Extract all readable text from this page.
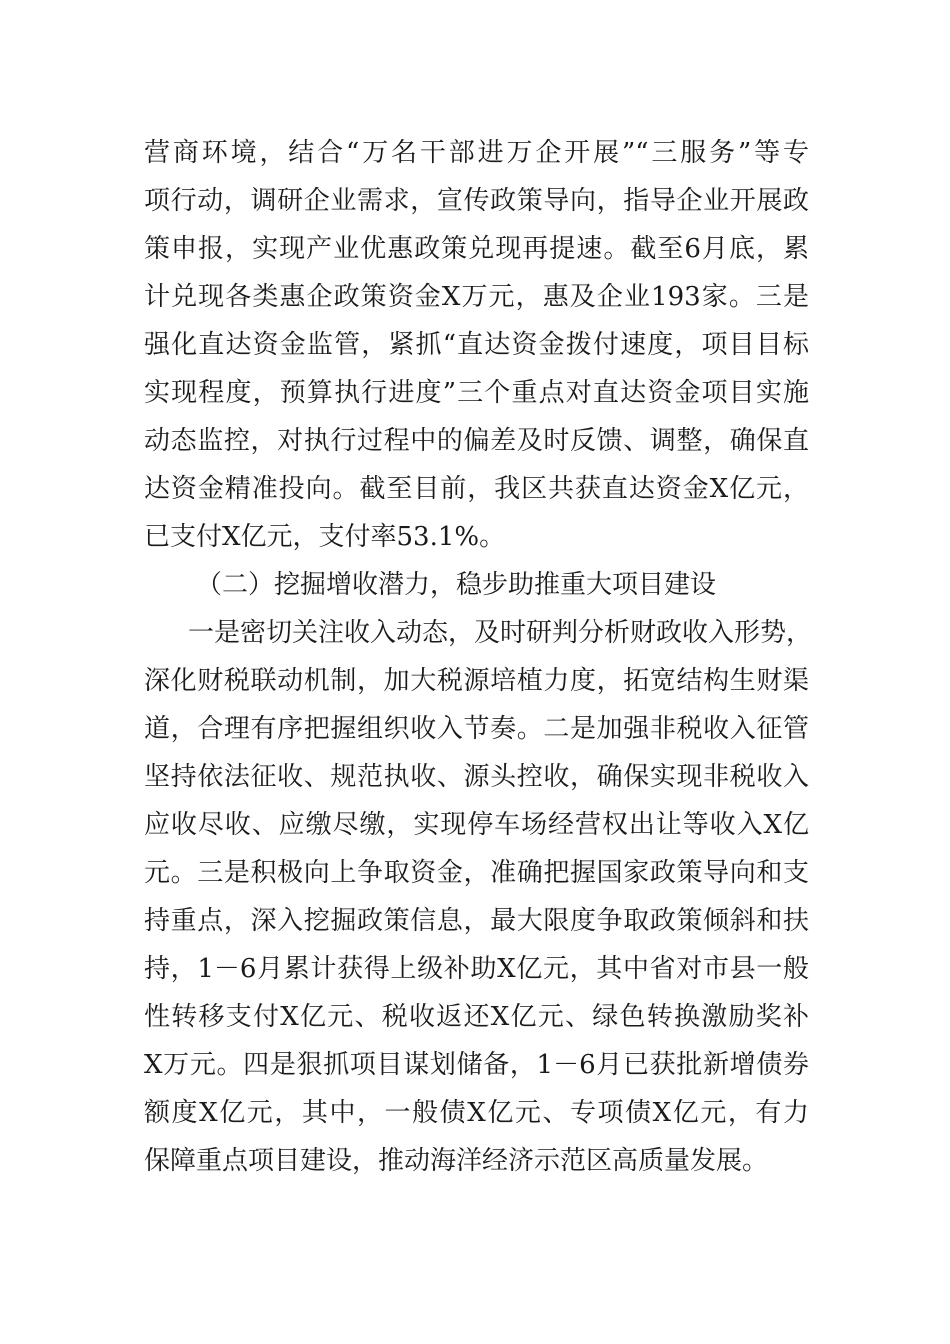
营商环境，结合“万名干部进万企开展”“三服务”等专
项行动，调研企业需求，宣传政策导向，指导企业开展政
策申报，实现产业优惠政策兑现再提速。截至6月底，累
计兑现各类惠企政策资金X万元，惠及企业193家。三是
强化直达资金监管，紧抓“直达资金拨付速度，项目目标
实现程度，预算执行进度”三个重点对直达资金项目实施
动态监控，对执行过程中的偏差及时反馈、调整，确保直
达资金精准投向。截至目前，我区共获直达资金X亿元，
已支付X亿元，支付率53.1%。
（二）挖掘增收潜力，稳步助推重大项目建设
一是密切关注收入动态，及时研判分析财政收入形势，
深化财税联动机制，加大税源培植力度，拓宽结构生财渠
道，合理有序把握组织收入节奏。二是加强非税收入征管
坚持依法征收、规范执收、源头控收，确保实现非税收入
应收尽收、应缴尽缴，实现停车场经营权出让等收入X亿
元。三是积极向上争取资金，准确把握国家政策导向和支
持重点，深入挖掘政策信息，最大限度争取政策倾斜和扶
持，1－6月累计获得上级补助X亿元，其中省对市县一般
性转移支付X亿元、税收返还X亿元、绿色转换激励奖补
X万元。四是狠抓项目谋划储备，1－6月已获批新增债券
额度X亿元，其中，一般债X亿元、专项债X亿元，有力
保障重点项目建设，推动海洋经济示范区高质量发展。
